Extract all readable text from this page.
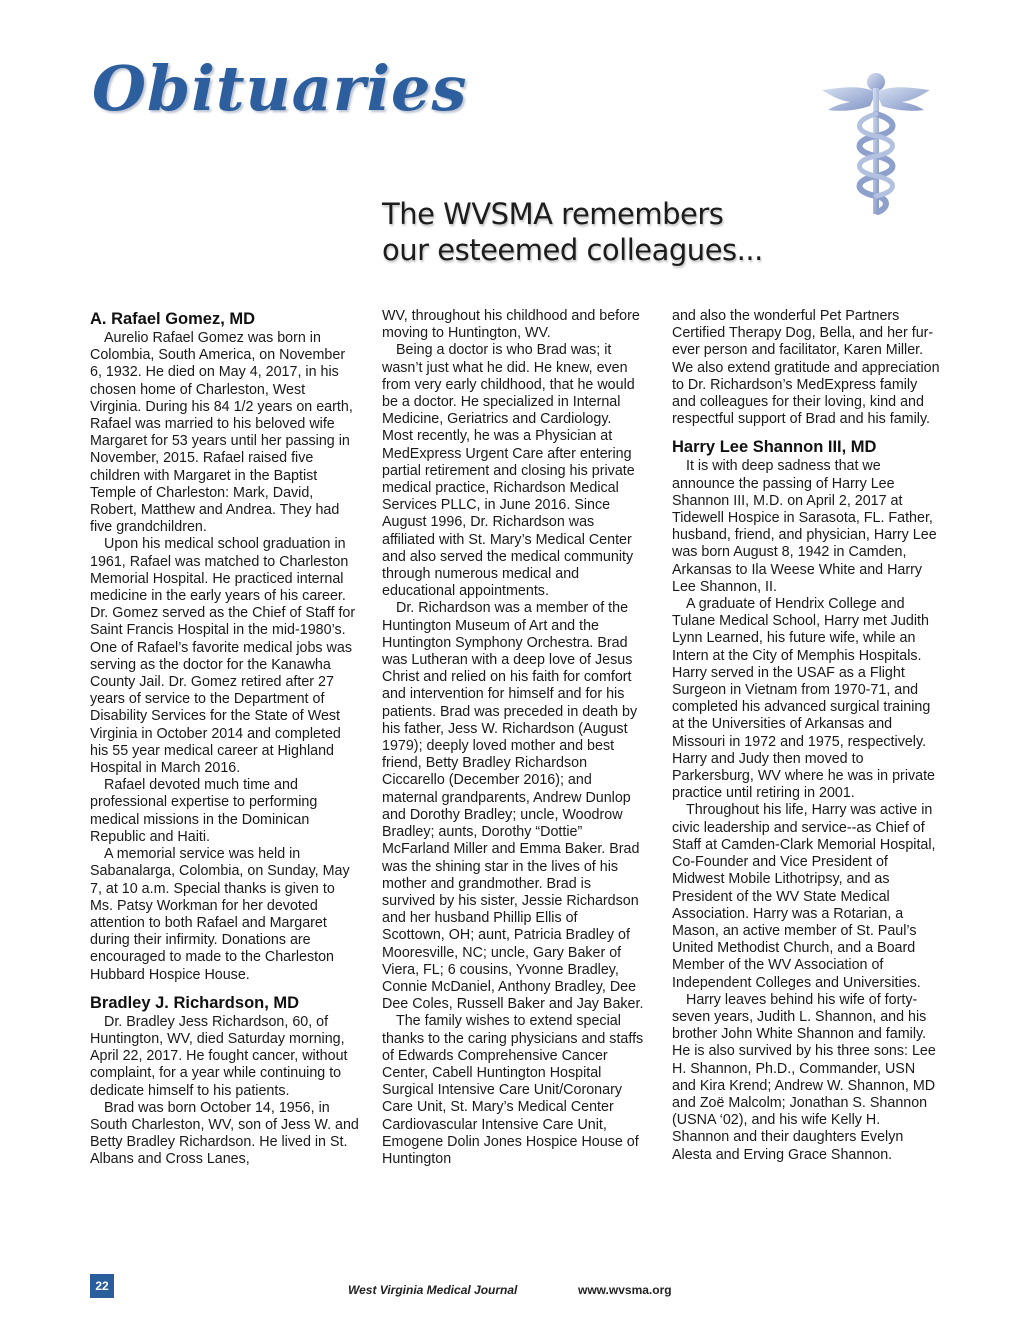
Obituaries
The WVSMA remembers
our esteemed colleagues...
A. Rafael Gomez, MD

Aurelio Rafael Gomez was born in Colombia, South America, on November 6, 1932. He died on May 4, 2017, in his chosen home of Charleston, West Virginia. During his 84 1/2 years on earth, Rafael was married to his beloved wife Margaret for 53 years until her passing in November, 2015. Rafael raised five children with Margaret in the Baptist Temple of Charleston: Mark, David, Robert, Matthew and Andrea. They had five grandchildren.

Upon his medical school graduation in 1961, Rafael was matched to Charleston Memorial Hospital. He practiced internal medicine in the early years of his career. Dr. Gomez served as the Chief of Staff for Saint Francis Hospital in the mid-1980’s. One of Rafael’s favorite medical jobs was serving as the doctor for the Kanawha County Jail. Dr. Gomez retired after 27 years of service to the Department of Disability Services for the State of West Virginia in October 2014 and completed his 55 year medical career at Highland Hospital in March 2016.

Rafael devoted much time and professional expertise to performing medical missions in the Dominican Republic and Haiti.

A memorial service was held in Sabanalarga, Colombia, on Sunday, May 7, at 10 a.m. Special thanks is given to Ms. Patsy Workman for her devoted attention to both Rafael and Margaret during their infirmity. Donations are encouraged to made to the Charleston Hubbard Hospice House.

Bradley J. Richardson, MD

Dr. Bradley Jess Richardson, 60, of Huntington, WV, died Saturday morning, April 22, 2017. He fought cancer, without complaint, for a year while continuing to dedicate himself to his patients.

Brad was born October 14, 1956, in South Charleston, WV, son of Jess W. and Betty Bradley Richardson. He lived in St. Albans and Cross Lanes,

WV, throughout his childhood and before moving to Huntington, WV.

Being a doctor is who Brad was; it wasn’t just what he did. He knew, even from very early childhood, that he would be a doctor. He specialized in Internal Medicine, Geriatrics and Cardiology. Most recently, he was a Physician at MedExpress Urgent Care after entering partial retirement and closing his private medical practice, Richardson Medical Services PLLC, in June 2016. Since August 1996, Dr. Richardson was affiliated with St. Mary’s Medical Center and also served the medical community through numerous medical and educational appointments.

Dr. Richardson was a member of the Huntington Museum of Art and the Huntington Symphony Orchestra. Brad was Lutheran with a deep love of Jesus Christ and relied on his faith for comfort and intervention for himself and for his patients. Brad was preceded in death by his father, Jess W. Richardson (August 1979); deeply loved mother and best friend, Betty Bradley Richardson Ciccarello (December 2016); and maternal grandparents, Andrew Dunlop and Dorothy Bradley; uncle, Woodrow Bradley; aunts, Dorothy “Dottie” McFarland Miller and Emma Baker. Brad was the shining star in the lives of his mother and grandmother. Brad is survived by his sister, Jessie Richardson and her husband Phillip Ellis of Scottown, OH; aunt, Patricia Bradley of Mooresville, NC; uncle, Gary Baker of Viera, FL; 6 cousins, Yvonne Bradley, Connie McDaniel, Anthony Bradley, Dee Dee Coles, Russell Baker and Jay Baker.

The family wishes to extend special thanks to the caring physicians and staffs of Edwards Comprehensive Cancer Center, Cabell Huntington Hospital Surgical Intensive Care Unit/Coronary Care Unit, St. Mary’s Medical Center Cardiovascular Intensive Care Unit, Emogene Dolin Jones Hospice House of Huntington

and also the wonderful Pet Partners Certified Therapy Dog, Bella, and her fur-ever person and facilitator, Karen Miller. We also extend gratitude and appreciation to Dr. Richardson’s MedExpress family and colleagues for their loving, kind and respectful support of Brad and his family.

Harry Lee Shannon III, MD

It is with deep sadness that we announce the passing of Harry Lee Shannon III, M.D. on April 2, 2017 at Tidewell Hospice in Sarasota, FL. Father, husband, friend, and physician, Harry Lee was born August 8, 1942 in Camden, Arkansas to Ila Weese White and Harry Lee Shannon, II.

A graduate of Hendrix College and Tulane Medical School, Harry met Judith Lynn Learned, his future wife, while an Intern at the City of Memphis Hospitals. Harry served in the USAF as a Flight Surgeon in Vietnam from 1970-71, and completed his advanced surgical training at the Universities of Arkansas and Missouri in 1972 and 1975, respectively. Harry and Judy then moved to Parkersburg, WV where he was in private practice until retiring in 2001.

Throughout his life, Harry was active in civic leadership and service--as Chief of Staff at Camden-Clark Memorial Hospital, Co-Founder and Vice President of Midwest Mobile Lithotripsy, and as President of the WV State Medical Association. Harry was a Rotarian, a Mason, an active member of St. Paul’s United Methodist Church, and a Board Member of the WV Association of Independent Colleges and Universities.

Harry leaves behind his wife of forty-seven years, Judith L. Shannon, and his brother John White Shannon and family. He is also survived by his three sons: Lee H. Shannon, Ph.D., Commander, USN and Kira Krend; Andrew W. Shannon, MD and Zoë Malcolm; Jonathan S. Shannon (USNA ‘02), and his wife Kelly H. Shannon and their daughters Evelyn Alesta and Erving Grace Shannon.

22	West Virginia Medical Journal	www.wvsma.org
